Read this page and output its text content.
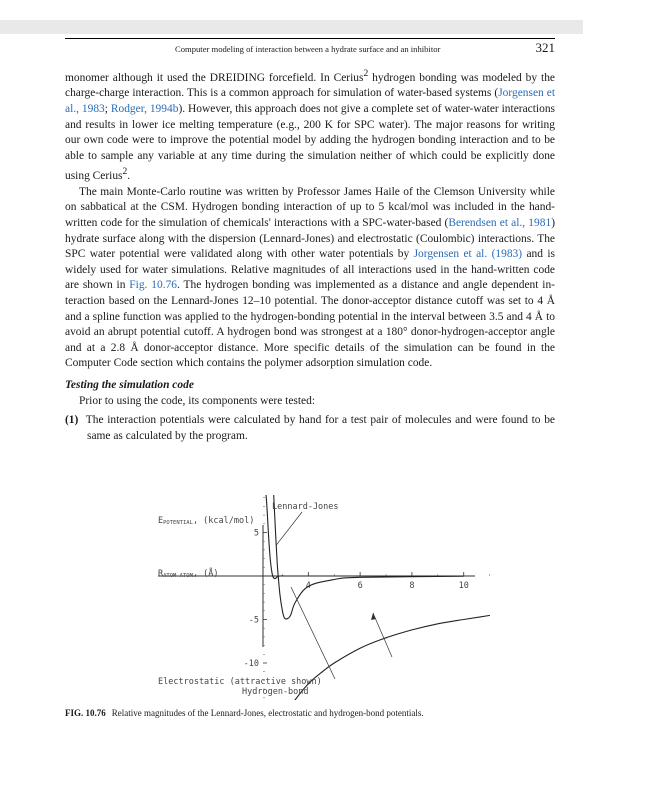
Computer modeling of interaction between a hydrate surface and an inhibitor	321

monomer although it used the DREIDING forcefield. In Cerius$^2$ hydrogen bonding was modeled by the charge-charge interaction. This is a common approach for simulation of water-based systems (Jorgensen et al., 1983; Rodger, 1994b). However, this approach does not give a complete set of water-water interactions and results in lower ice melting temperature (e.g., 200 K for SPC water). The major reasons for writing our own code were to improve the potential model by adding the hydrogen bonding interaction and to be able to sample any variable at any time during the simulation neither of which could be explicitly done using Cerius$^2$.

The main Monte-Carlo routine was written by Professor James Haile of the Clemson University while on sabbatical at the CSM. Hydrogen bonding interaction of up to 5 kcal/mol was included in the hand-written code for the simulation of chemicals' interactions with a SPC-water-based (Berendsen et al., 1981) hydrate surface along with the dispersion (Lennard-Jones) and electrostatic (Coulombic) interactions. The SPC water potential were validated along with other water potentials by Jorgensen et al. (1983) and is widely used for water simulations. Relative magnitudes of all interactions used in the hand-written code are shown in Fig. 10.76. The hydrogen bonding was implemented as a distance and angle dependent interaction based on the Lennard-Jones 12–10 potential. The donor-acceptor distance cutoff was set to 4 Å and a spline function was applied to the hydrogen-bonding potential in the interval between 3.5 and 4 Å to avoid an abrupt potential cutoff. A hydrogen bond was strongest at a 180° donor-hydrogen-acceptor angle and at a 2.8 Å donor-acceptor distance. More specific details of the simulation can be found in the Computer Code section which contains the polymer adsorption simulation code.

Testing the simulation code

Prior to using the code, its components were tested:

(1) The interaction potentials were calculated by hand for a test pair of molecules and were found to be same as calculated by the program.

5
-5
-10
4	6	8	10
EPOTENTIAL, (kcal/mol)
RATOM–ATOM, (Å)
Lennard-Jones
Electrostatic (attractive shown)
Hydrogen-bond
FIG. 10.76 Relative magnitudes of the Lennard-Jones, electrostatic and hydrogen-bond potentials.
